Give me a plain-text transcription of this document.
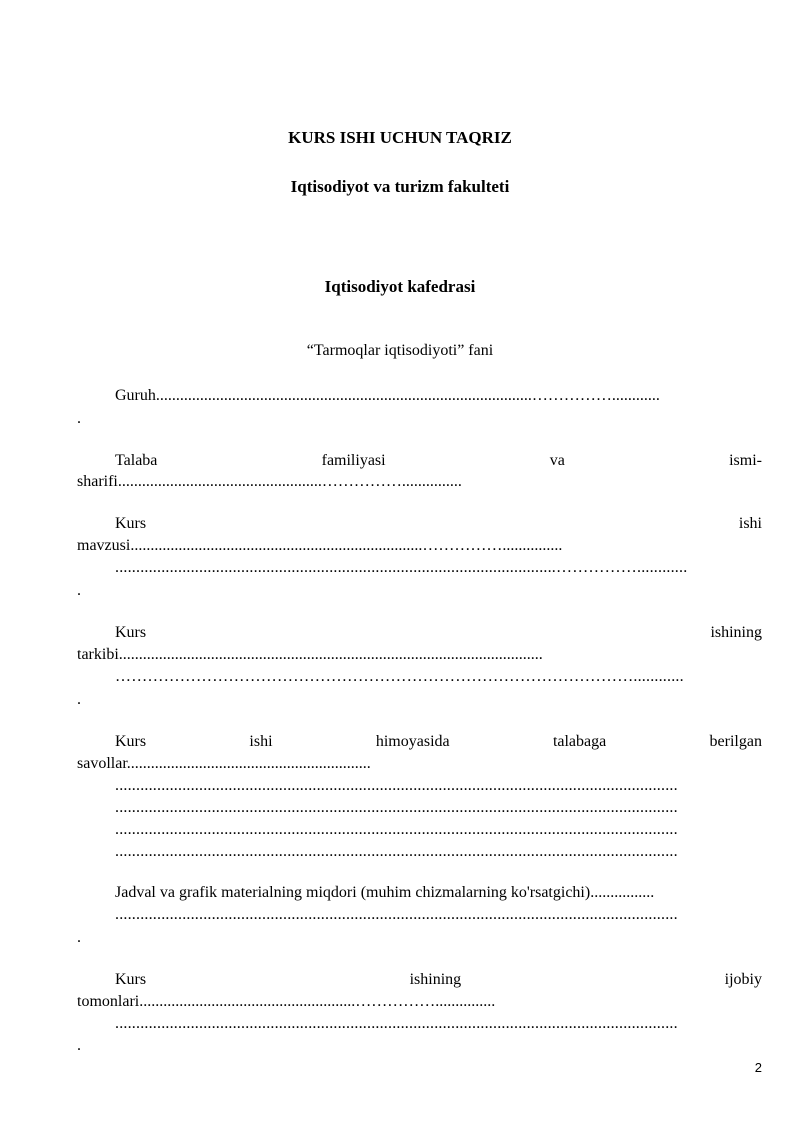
KURS ISHI UCHUN TAQRIZ
Iqtisodiyot va turizm fakulteti
Iqtisodiyot kafedrasi
“Tarmoqlar iqtisodiyoti” fani
Guruh..............................................................................................……………............
.
Talaba	familiyasi	va	ismi-
sharifi...................................................……………...............
Kurs	ishi
mavzusi.........................................................................……………...............
.........................................................................................................……………............
.
Kurs	ishining
tarkibi..........................................................................................................
……………………………………………………………………………………............
.
Kurs	ishi	himoyasida	talabaga	berilgan
savollar.............................................................
......................................................................................................................................
......................................................................................................................................
......................................................................................................................................
......................................................................................................................................
Jadval va grafik materialning miqdori (muhim chizmalarning ko'rsatgichi)................
......................................................................................................................................
.
Kurs	ishining	ijobiy
tomonlari......................................................……………...............
......................................................................................................................................
.
2
